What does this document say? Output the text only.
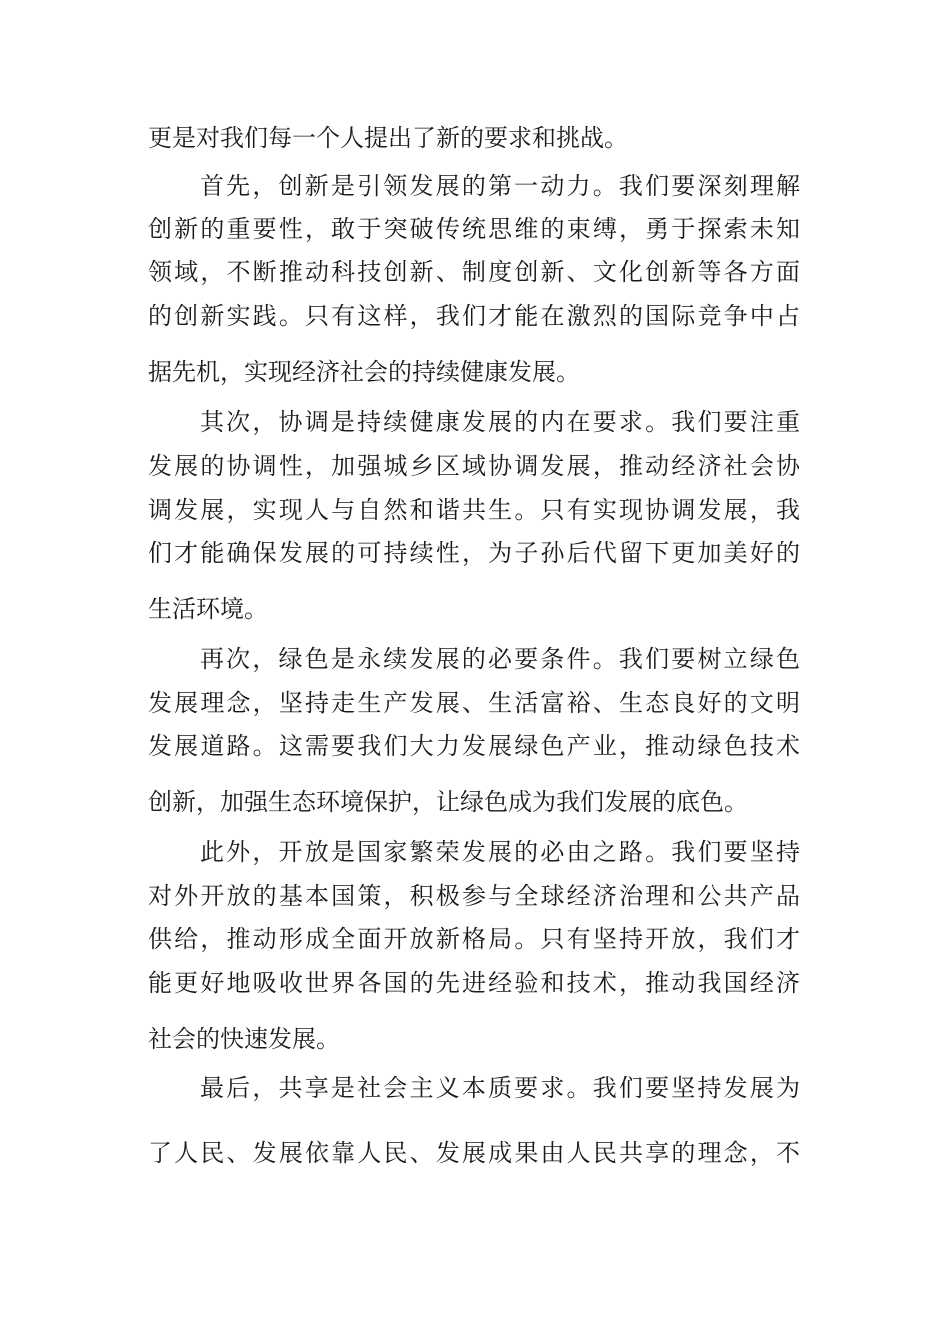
更是对我们每一个人提出了新的要求和挑战。
首先，创新是引领发展的第一动力。我们要深刻理解
创新的重要性，敢于突破传统思维的束缚，勇于探索未知
领域，不断推动科技创新、制度创新、文化创新等各方面
的创新实践。只有这样，我们才能在激烈的国际竞争中占
据先机，实现经济社会的持续健康发展。
其次，协调是持续健康发展的内在要求。我们要注重
发展的协调性，加强城乡区域协调发展，推动经济社会协
调发展，实现人与自然和谐共生。只有实现协调发展，我
们才能确保发展的可持续性，为子孙后代留下更加美好的
生活环境。
再次，绿色是永续发展的必要条件。我们要树立绿色
发展理念，坚持走生产发展、生活富裕、生态良好的文明
发展道路。这需要我们大力发展绿色产业，推动绿色技术
创新，加强生态环境保护，让绿色成为我们发展的底色。
此外，开放是国家繁荣发展的必由之路。我们要坚持
对外开放的基本国策，积极参与全球经济治理和公共产品
供给，推动形成全面开放新格局。只有坚持开放，我们才
能更好地吸收世界各国的先进经验和技术，推动我国经济
社会的快速发展。
最后，共享是社会主义本质要求。我们要坚持发展为
了人民、发展依靠人民、发展成果由人民共享的理念，不
